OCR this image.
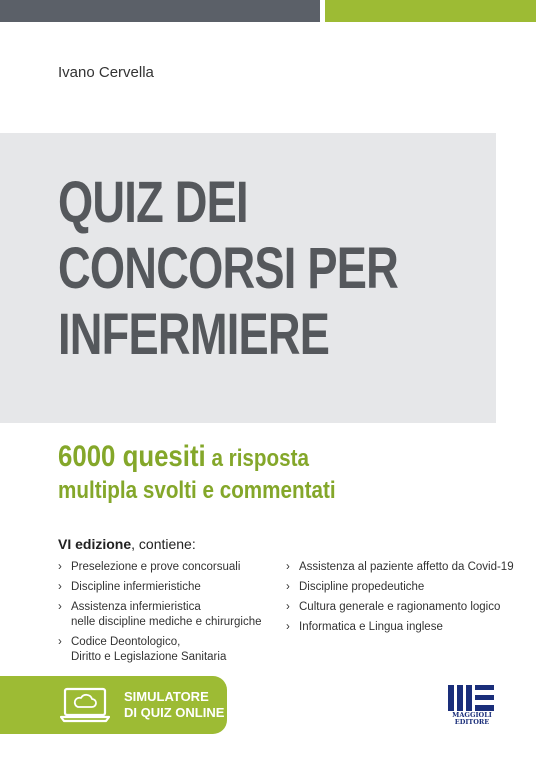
Ivano Cervella
QUIZ DEI
CONCORSI PER
INFERMIERE
6000 quesiti a risposta
multipla svolti e commentati
VI edizione, contiene:
› Preselezione e prove concorsuali
› Discipline infermieristiche
› Assistenza infermieristica
nelle discipline mediche e chirurgiche
› Codice Deontologico,
Diritto e Legislazione Sanitaria
› Assistenza al paziente affetto da Covid-19
› Discipline propedeutiche
› Cultura generale e ragionamento logico
› Informatica e Lingua inglese
SIMULATORE
DI QUIZ ONLINE	MAGGIOLI
EDITORE
